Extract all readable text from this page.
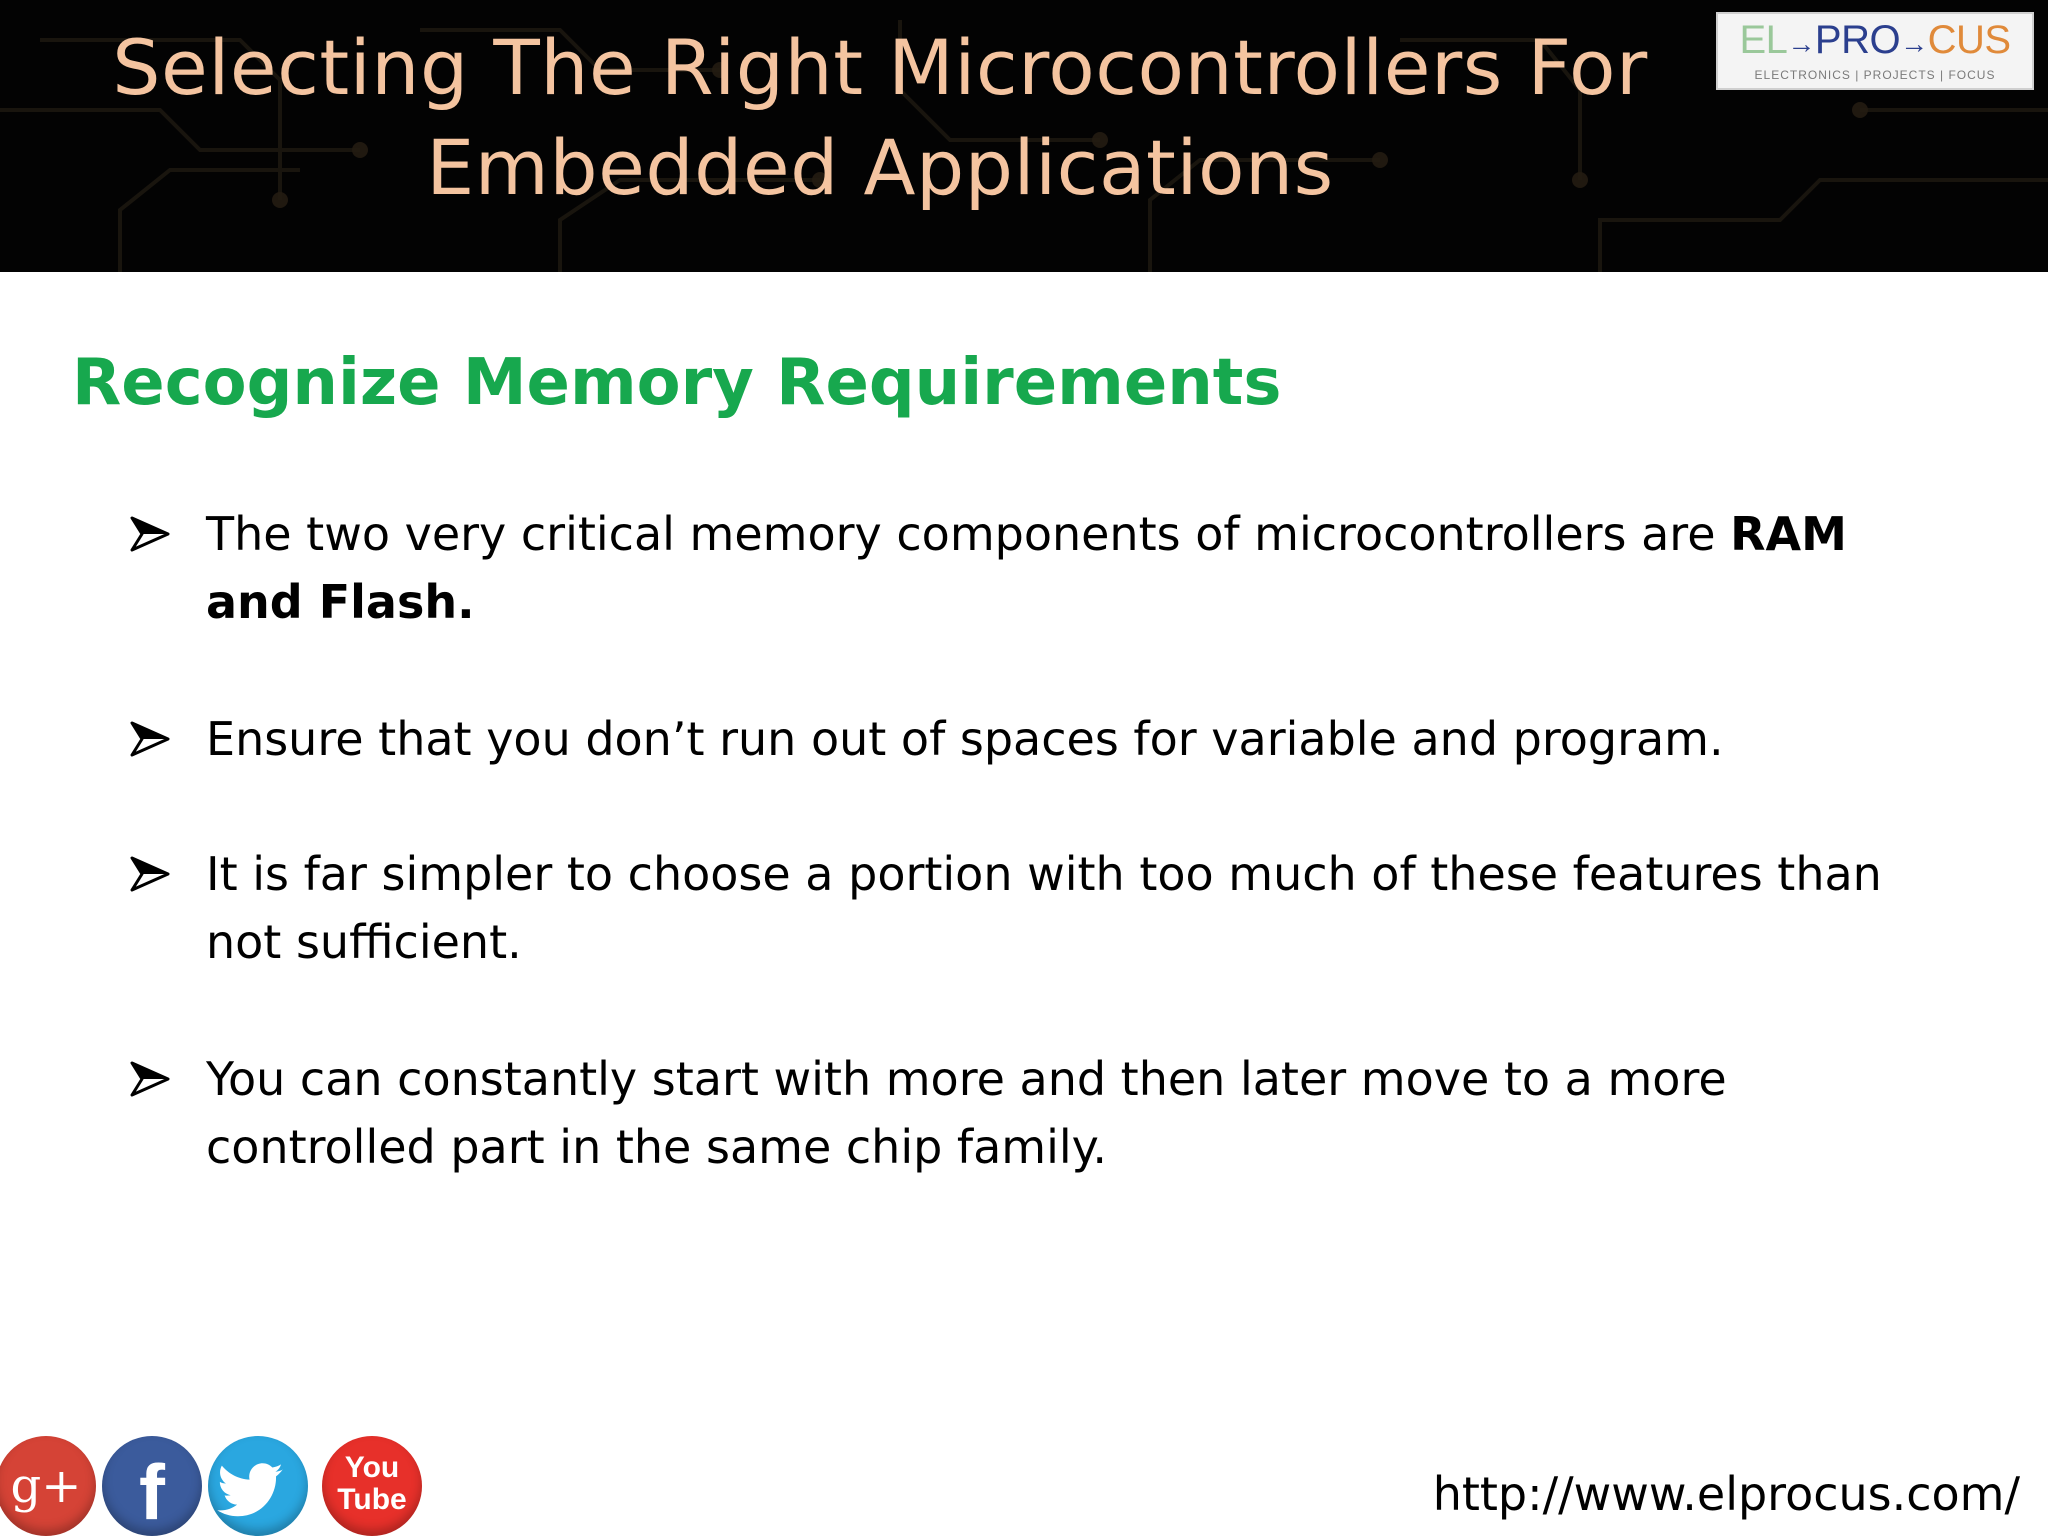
Selecting The Right Microcontrollers For
Embedded Applications
EL→PRO→CUS
ELECTRONICS | PROJECTS | FOCUS
Recognize Memory Requirements
The two very critical memory components of microcontrollers are RAM and Flash.
Ensure that you don’t run out of spaces for variable and program.
It is far simpler to choose a portion with too much of these features than not sufficient.
You can constantly start with more and then later move to a more controlled part in the same chip family.
g+ f	You
Tube	http://www.elprocus.com/
